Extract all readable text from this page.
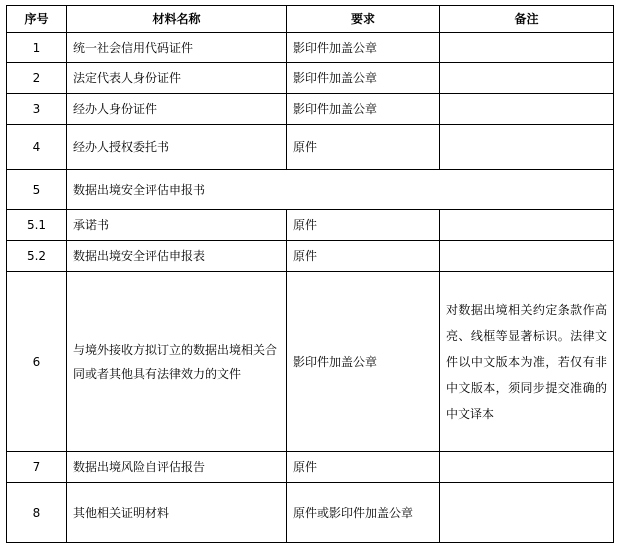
序号	材料名称	要求	备注
1	统一社会信用代码证件	影印件加盖公章	
2	法定代表人身份证件	影印件加盖公章	
3	经办人身份证件	影印件加盖公章	
4	经办人授权委托书	原件	
5	数据出境安全评估申报书		
5.1	承诺书	原件	
5.2	数据出境安全评估申报表	原件	
6	与境外接收方拟订立的数据出境相关合同或者其他具有法律效力的文件	影印件加盖公章	对数据出境相关约定条款作高亮、线框等显著标识。法律文件以中文版本为准，若仅有非中文版本，须同步提交准确的中文译本
7	数据出境风险自评估报告	原件	
8	其他相关证明材料	原件或影印件加盖公章	
